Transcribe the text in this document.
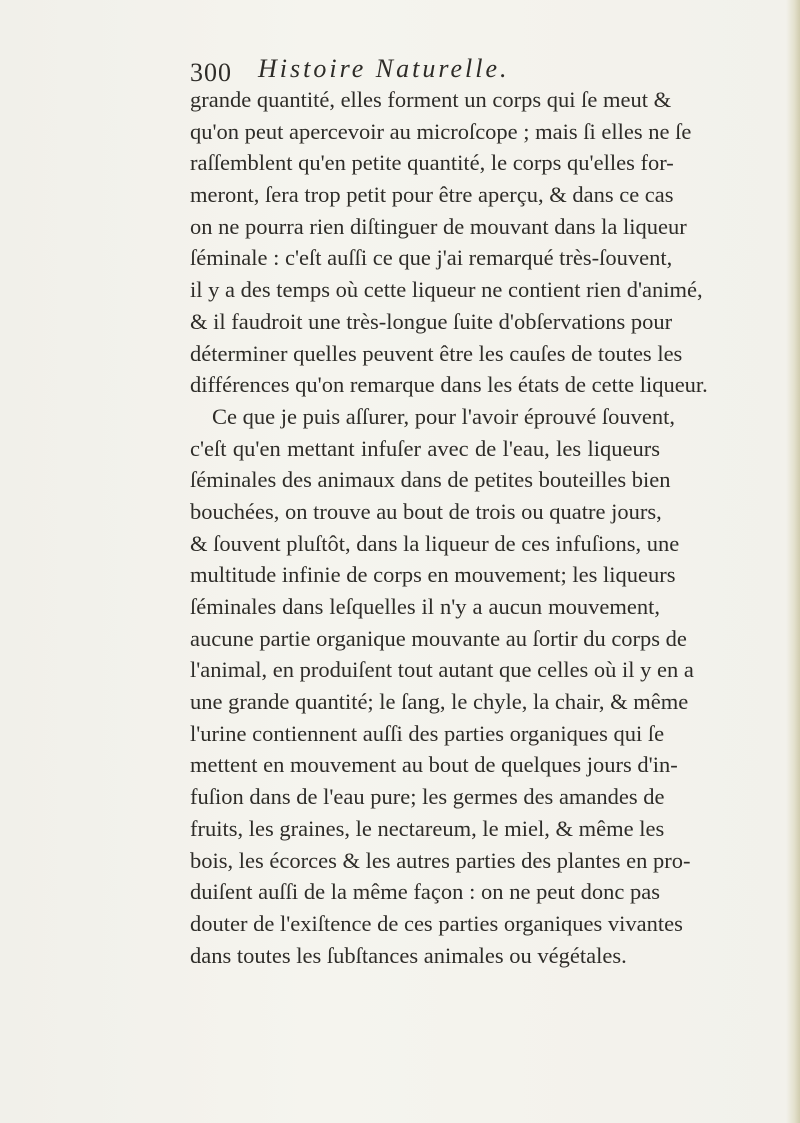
300 Histoire Naturelle.
grande quantité, elles forment un corps qui ſe meut &
qu'on peut apercevoir au microſcope ; mais ſi elles ne ſe
raſſemblent qu'en petite quantité, le corps qu'elles for-
meront, ſera trop petit pour être aperçu, & dans ce cas
on ne pourra rien diſtinguer de mouvant dans la liqueur
ſéminale : c'eſt auſſi ce que j'ai remarqué très-ſouvent,
il y a des temps où cette liqueur ne contient rien d'animé,
& il faudroit une très-longue ſuite d'obſervations pour
déterminer quelles peuvent être les cauſes de toutes les
différences qu'on remarque dans les états de cette liqueur.
Ce que je puis aſſurer, pour l'avoir éprouvé ſouvent,
c'eſt qu'en mettant infuſer avec de l'eau, les liqueurs
ſéminales des animaux dans de petites bouteilles bien
bouchées, on trouve au bout de trois ou quatre jours,
& ſouvent pluſtôt, dans la liqueur de ces infuſions, une
multitude infinie de corps en mouvement; les liqueurs
ſéminales dans leſquelles il n'y a aucun mouvement,
aucune partie organique mouvante au ſortir du corps de
l'animal, en produiſent tout autant que celles où il y en a
une grande quantité; le ſang, le chyle, la chair, & même
l'urine contiennent auſſi des parties organiques qui ſe
mettent en mouvement au bout de quelques jours d'in-
fuſion dans de l'eau pure; les germes des amandes de
fruits, les graines, le nectareum, le miel, & même les
bois, les écorces & les autres parties des plantes en pro-
duiſent auſſi de la même façon : on ne peut donc pas
douter de l'exiſtence de ces parties organiques vivantes
dans toutes les ſubſtances animales ou végétales.
